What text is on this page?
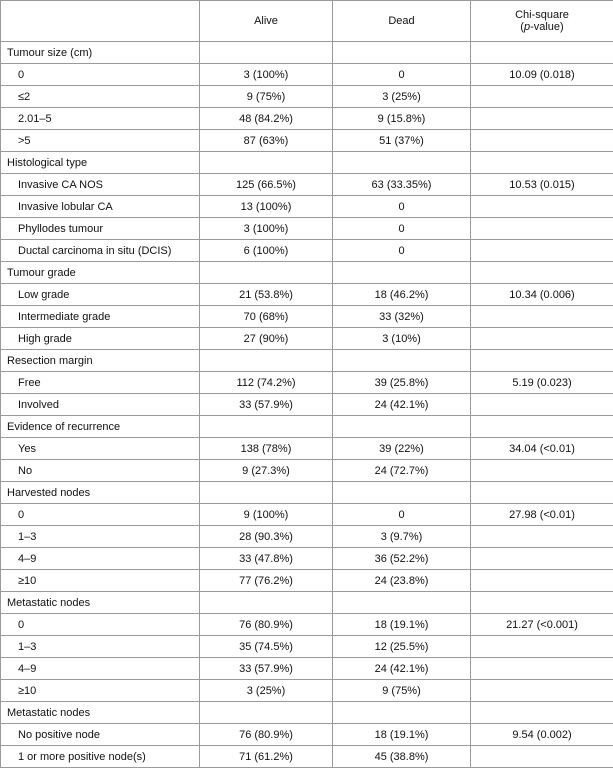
	Alive	Dead	Chi-square
(p-value)
Tumour size (cm)			
0	3 (100%)	0	10.09 (0.018)
≤2	9 (75%)	3 (25%)	
2.01–5	48 (84.2%)	9 (15.8%)	
>5	87 (63%)	51 (37%)	
Histological type			
Invasive CA NOS	125 (66.5%)	63 (33.35%)	10.53 (0.015)
Invasive lobular CA	13 (100%)	0	
Phyllodes tumour	3 (100%)	0	
Ductal carcinoma in situ (DCIS)	6 (100%)	0	
Tumour grade			
Low grade	21 (53.8%)	18 (46.2%)	10.34 (0.006)
Intermediate grade	70 (68%)	33 (32%)	
High grade	27 (90%)	3 (10%)	
Resection margin			
Free	112 (74.2%)	39 (25.8%)	5.19 (0.023)
Involved	33 (57.9%)	24 (42.1%)	
Evidence of recurrence			
Yes	138 (78%)	39 (22%)	34.04 (<0.01)
No	9 (27.3%)	24 (72.7%)	
Harvested nodes			
0	9 (100%)	0	27.98 (<0.01)
1–3	28 (90.3%)	3 (9.7%)	
4–9	33 (47.8%)	36 (52.2%)	
≥10	77 (76.2%)	24 (23.8%)	
Metastatic nodes			
0	76 (80.9%)	18 (19.1%)	21.27 (<0.001)
1–3	35 (74.5%)	12 (25.5%)	
4–9	33 (57.9%)	24 (42.1%)	
≥10	3 (25%)	9 (75%)	
Metastatic nodes			
No positive node	76 (80.9%)	18 (19.1%)	9.54 (0.002)
1 or more positive node(s)	71 (61.2%)	45 (38.8%)	
